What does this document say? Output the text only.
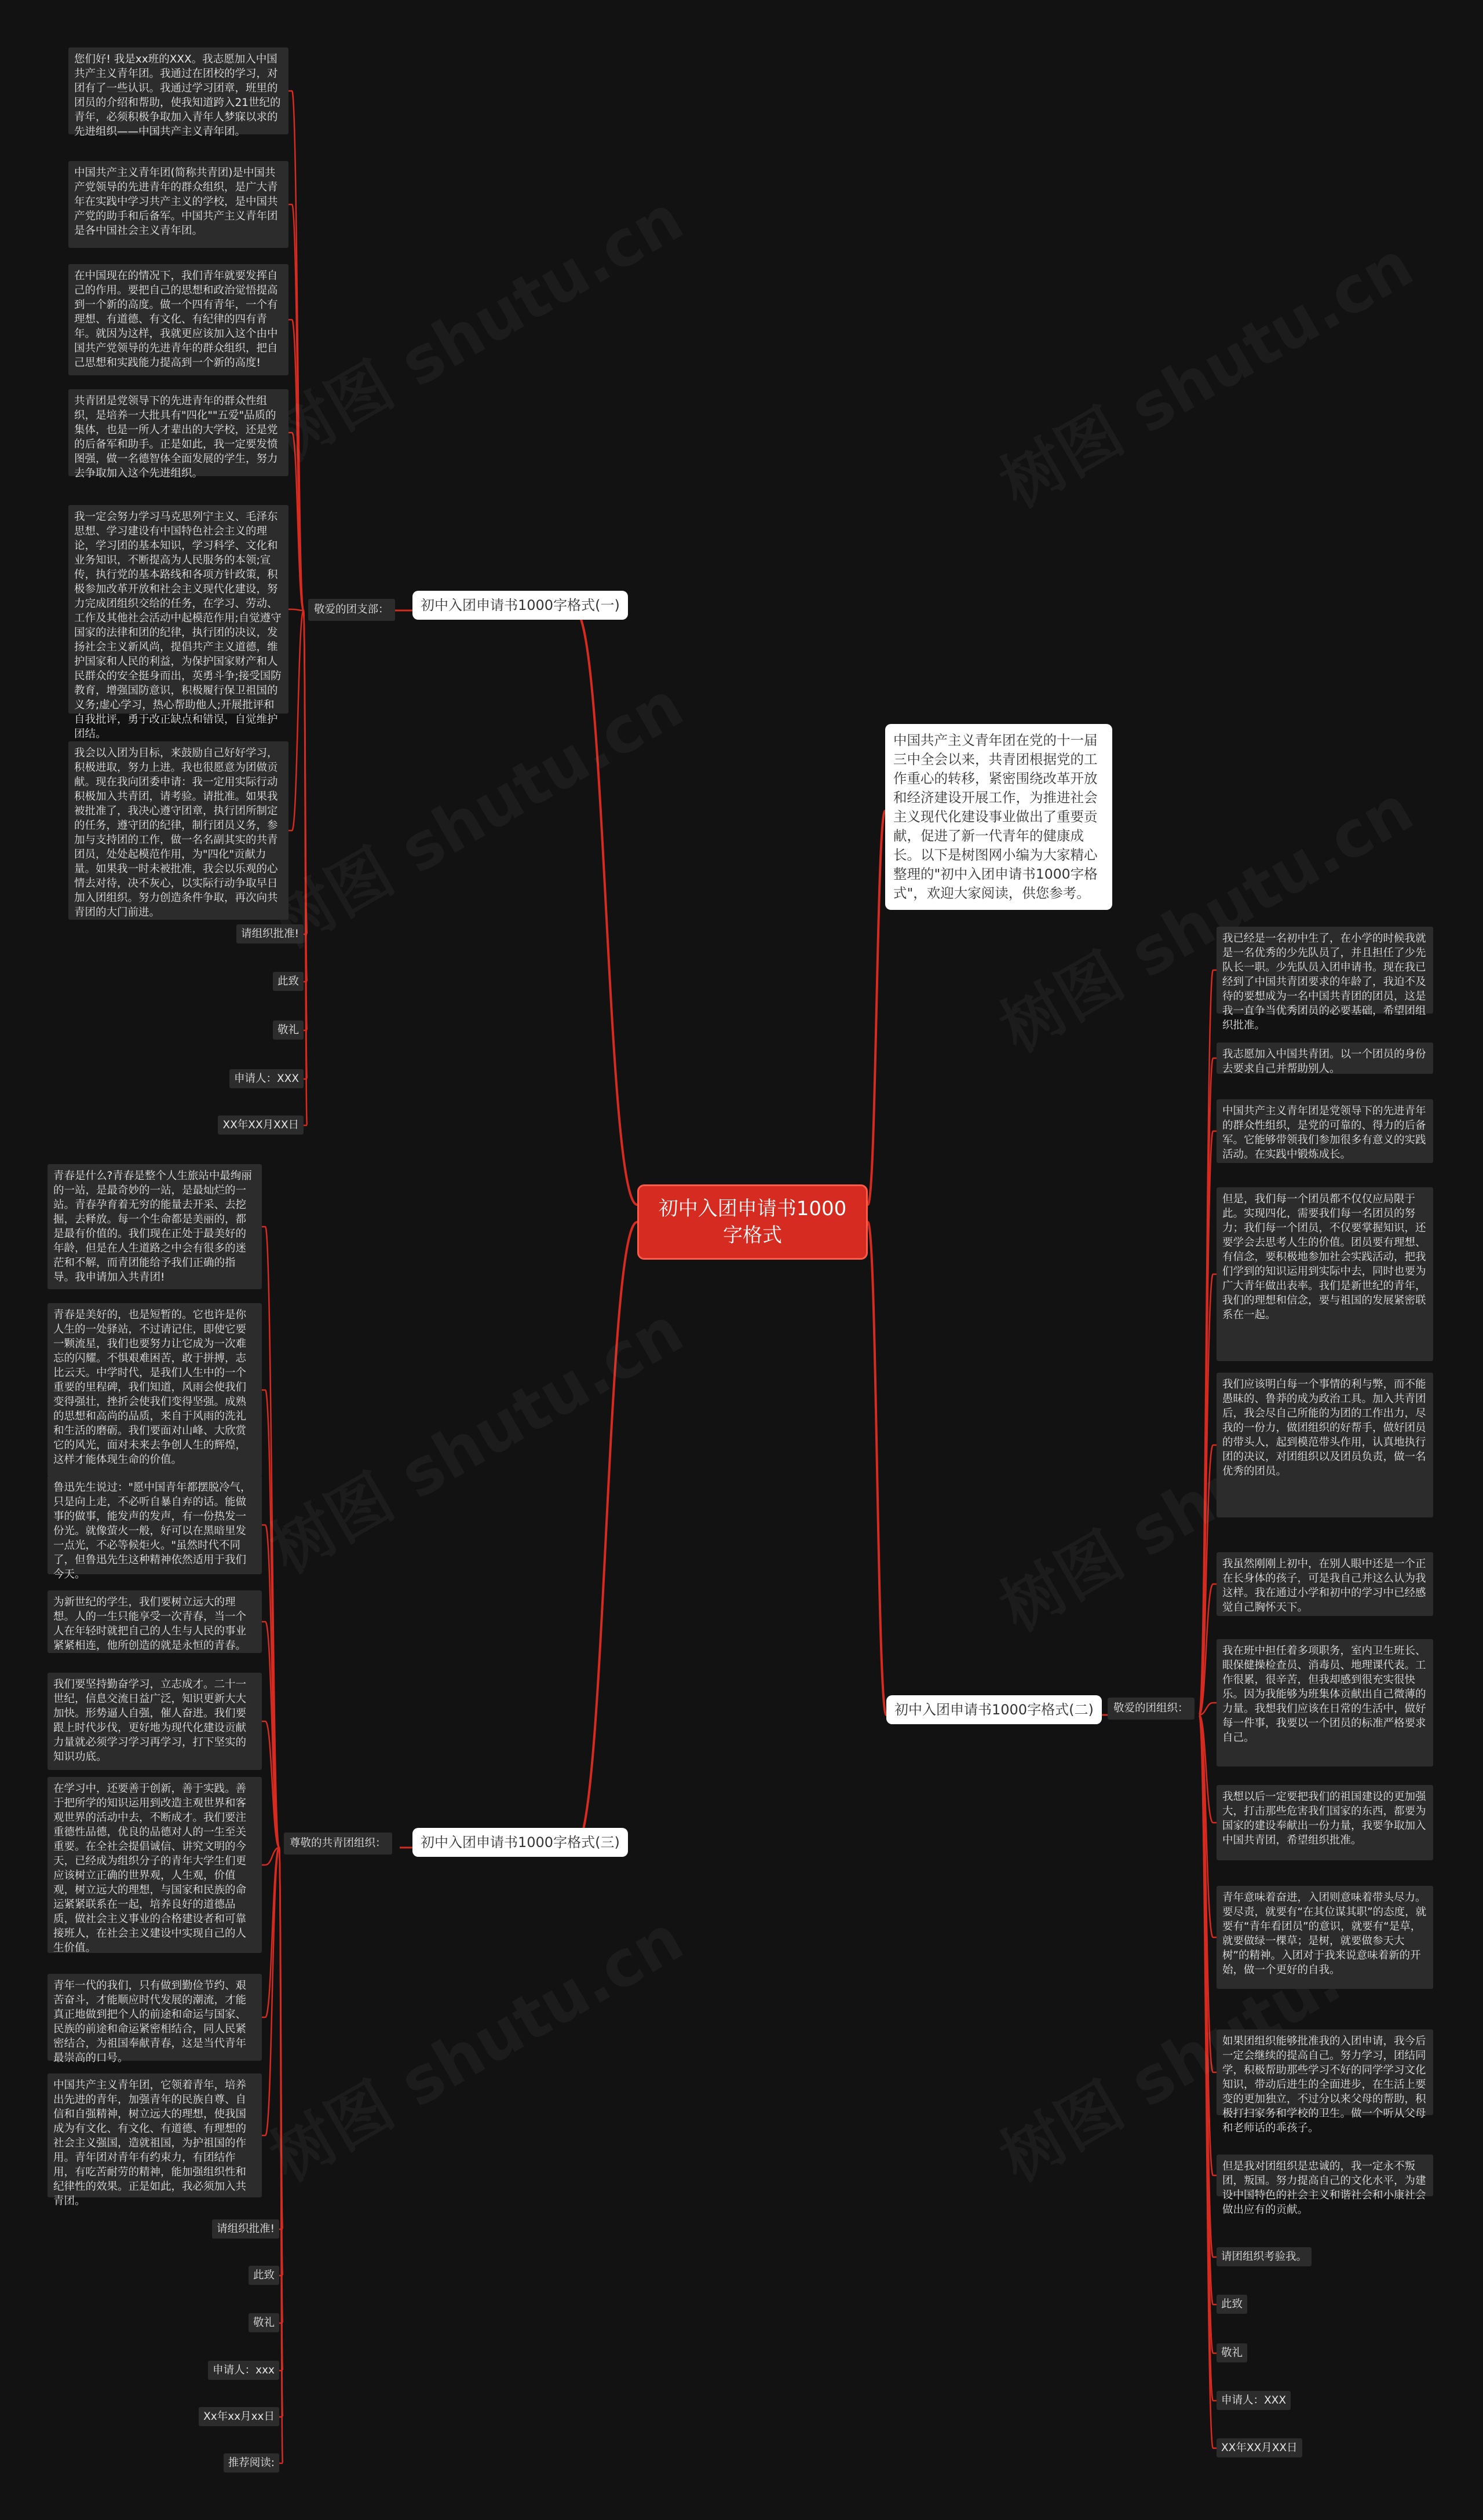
初中入团申请书1000字格式
中国共产主义青年团在党的十一届三中全会以来，共青团根据党的工作重心的转移，紧密围绕改革开放和经济建设开展工作，为推进社会主义现代化建设事业做出了重要贡献，促进了新一代青年的健康成长。以下是树图网小编为大家精心整理的"初中入团申请书1000字格式"，欢迎大家阅读，供您参考。
初中入团申请书1000字格式(一)
初中入团申请书1000字格式(二)
初中入团申请书1000字格式(三)
敬爱的团支部：
敬爱的团组织：
尊敬的共青团组织：
您们好! 我是xx班的XXX。我志愿加入中国共产主义青年团。我通过在团校的学习，对团有了一些认识。我通过学习团章，班里的团员的介绍和帮助，使我知道跨入21世纪的青年，必须积极争取加入青年人梦寐以求的先进组织——中国共产主义青年团。
中国共产主义青年团(简称共青团)是中国共产党领导的先进青年的群众组织，是广大青年在实践中学习共产主义的学校，是中国共产党的助手和后备军。中国共产主义青年团是各中国社会主义青年团。
在中国现在的情况下，我们青年就要发挥自己的作用。要把自己的思想和政治觉悟提高到一个新的高度。做一个四有青年，一个有理想、有道德、有文化、有纪律的四有青年。就因为这样，我就更应该加入这个由中国共产党领导的先进青年的群众组织，把自己思想和实践能力提高到一个新的高度!
共青团是党领导下的先进青年的群众性组织，是培养一大批具有"四化""五爱"品质的集体，也是一所人才辈出的大学校，还是党的后备军和助手。正是如此，我一定要发愤图强，做一名德智体全面发展的学生，努力去争取加入这个先进组织。
我一定会努力学习马克思列宁主义、毛泽东思想、学习建设有中国特色社会主义的理论，学习团的基本知识，学习科学、文化和业务知识，不断提高为人民服务的本领;宣传，执行党的基本路线和各项方针政策，积极参加改革开放和社会主义现代化建设，努力完成团组织交给的任务，在学习、劳动、工作及其他社会活动中起模范作用;自觉遵守国家的法律和团的纪律，执行团的决议，发扬社会主义新风尚，提倡共产主义道德，维护国家和人民的利益，为保护国家财产和人民群众的安全挺身而出，英勇斗争;接受国防教育，增强国防意识，积极履行保卫祖国的义务;虚心学习，热心帮助他人;开展批评和自我批评，勇于改正缺点和错误，自觉维护团结。
我会以入团为目标，来鼓励自己好好学习，积极进取，努力上进。我也很愿意为团做贡献。现在我向团委申请：我一定用实际行动积极加入共青团，请考验。请批准。如果我被批准了，我决心遵守团章，执行团所制定的任务，遵守团的纪律，制行团员义务，参加与支持团的工作，做一名名副其实的共青团员，处处起模范作用，为"四化"贡献力量。如果我一时未被批准，我会以乐观的心情去对待，决不灰心，以实际行动争取早日加入团组织。努力创造条件争取，再次向共青团的大门前进。
请组织批准!
此致
敬礼
申请人：XXX
XX年XX月XX日
我已经是一名初中生了，在小学的时候我就是一名优秀的少先队员了，并且担任了少先队长一职。少先队员入团申请书。现在我已经到了中国共青团要求的年龄了，我迫不及待的要想成为一名中国共青团的团员，这是我一直争当优秀团员的必要基础，希望团组织批准。
我志愿加入中国共青团。以一个团员的身份去要求自己并帮助别人。
中国共产主义青年团是党领导下的先进青年的群众性组织，是党的可靠的、得力的后备军。它能够带领我们参加很多有意义的实践活动。在实践中锻炼成长。
但是，我们每一个团员都不仅仅应局限于此。实现四化，需要我们每一名团员的努力；我们每一个团员，不仅要掌握知识，还要学会去思考人生的价值。团员要有理想、有信念，要积极地参加社会实践活动，把我们学到的知识运用到实际中去，同时也要为广大青年做出表率。我们是新世纪的青年，我们的理想和信念，要与祖国的发展紧密联系在一起。
我们应该明白每一个事情的利与弊，而不能愚昧的、鲁莽的成为政治工具。加入共青团后，我会尽自己所能的为团的工作出力，尽我的一份力，做团组织的好帮手，做好团员的带头人，起到模范带头作用，认真地执行团的决议，对团组织以及团员负责，做一名优秀的团员。
我虽然刚刚上初中，在别人眼中还是一个正在长身体的孩子，可是我自己并这么认为我这样。我在通过小学和初中的学习中已经感觉自己胸怀天下。
我在班中担任着多项职务，室内卫生班长、眼保健操检查员、消毒员、地理课代表。工作很累，很辛苦，但我却感到很充实很快乐。因为我能够为班集体贡献出自己微薄的力量。我想我们应该在日常的生活中，做好每一件事，我要以一个团员的标准严格要求自己。
我想以后一定要把我们的祖国建设的更加强大，打击那些危害我们国家的东西，都要为国家的建设奉献出一份力量，我要争取加入中国共青团，希望组织批准。
青年意味着奋进，入团则意味着带头尽力。要尽责，就要有“在其位谋其职”的态度，就要有“青年看团员”的意识，就要有“是草，就要做绿一棵草；是树，就要做参天大树”的精神。入团对于我来说意味着新的开始，做一个更好的自我。
如果团组织能够批准我的入团申请，我今后一定会继续的提高自己。努力学习，团结同学，积极帮助那些学习不好的同学学习文化知识，带动后进生的全面进步，在生活上要变的更加独立，不过分以来父母的帮助，积极打扫家务和学校的卫生。做一个听从父母和老师话的乖孩子。
但是我对团组织是忠诚的，我一定永不叛团，叛国。努力提高自己的文化水平，为建设中国特色的社会主义和谐社会和小康社会做出应有的贡献。
请团组织考验我。
此致
敬礼
申请人：XXX
XX年XX月XX日
青春是什么?青春是整个人生旅站中最绚丽的一站，是最奇妙的一站，是最灿烂的一站。青春孕育着无穷的能量去开采、去挖掘，去释放。每一个生命都是美丽的，都是最有价值的。我们现在正处于最美好的年龄，但是在人生道路之中会有很多的迷茫和不解，而青团能给予我们正确的指导。我申请加入共青团!
青春是美好的，也是短暂的。它也许是你人生的一处驿站，不过请记住，即使它要一颗流星，我们也要努力让它成为一次难忘的闪耀。不惧艰难困苦，敢于拼搏，志比云天。中学时代，是我们人生中的一个重要的里程碑，我们知道，风雨会使我们变得强壮，挫折会使我们变得坚强。成熟的思想和高尚的品质，来自于风雨的洗礼和生活的磨砺。我们要面对山峰、大欣赏它的风光，面对未来去争创人生的辉煌，这样才能体现生命的价值。
鲁迅先生说过："愿中国青年都摆脱冷气，只是向上走，不必听自暴自弃的话。能做事的做事，能发声的发声，有一份热发一份光。就像萤火一般，好可以在黑暗里发一点光，不必等候炬火。"虽然时代不同了，但鲁迅先生这种精神依然适用于我们今天。
为新世纪的学生，我们要树立远大的理想。人的一生只能享受一次青春，当一个人在年轻时就把自己的人生与人民的事业紧紧相连，他所创造的就是永恒的青春。
我们要坚持勤奋学习，立志成才。二十一世纪，信息交流日益广泛，知识更新大大加快。形势逼人自强，催人奋进。我们要跟上时代步伐，更好地为现代化建设贡献力量就必须学习学习再学习，打下坚实的知识功底。
在学习中，还要善于创新，善于实践。善于把所学的知识运用到改造主观世界和客观世界的活动中去，不断成才。我们要注重德性品德，优良的品德对人的一生至关重要。在全社会提倡诚信、讲究文明的今天，已经成为组织分子的青年大学生们更应该树立正确的世界观，人生观，价值观，树立远大的理想，与国家和民族的命运紧紧联系在一起，培养良好的道德品质，做社会主义事业的合格建设者和可靠接班人，在社会主义建设中实现自己的人生价值。
青年一代的我们，只有做到勤俭节约、艰苦奋斗，才能顺应时代发展的潮流，才能真正地做到把个人的前途和命运与国家、民族的前途和命运紧密相结合，同人民紧密结合，为祖国奉献青春，这是当代青年最崇高的口号。
中国共产主义青年团，它领着青年，培养出先进的青年，加强青年的民族自尊、自信和自强精神，树立远大的理想，使我国成为有文化、有文化、有道德、有理想的社会主义强国，造就祖国，为护祖国的作用。青年团对青年有约束力，有团结作用，有吃苦耐劳的精神，能加强组织性和纪律性的效果。正是如此，我必须加入共青团。
请组织批准!
此致
敬礼
申请人：xxx
Xx年xx月xx日
推荐阅读:
